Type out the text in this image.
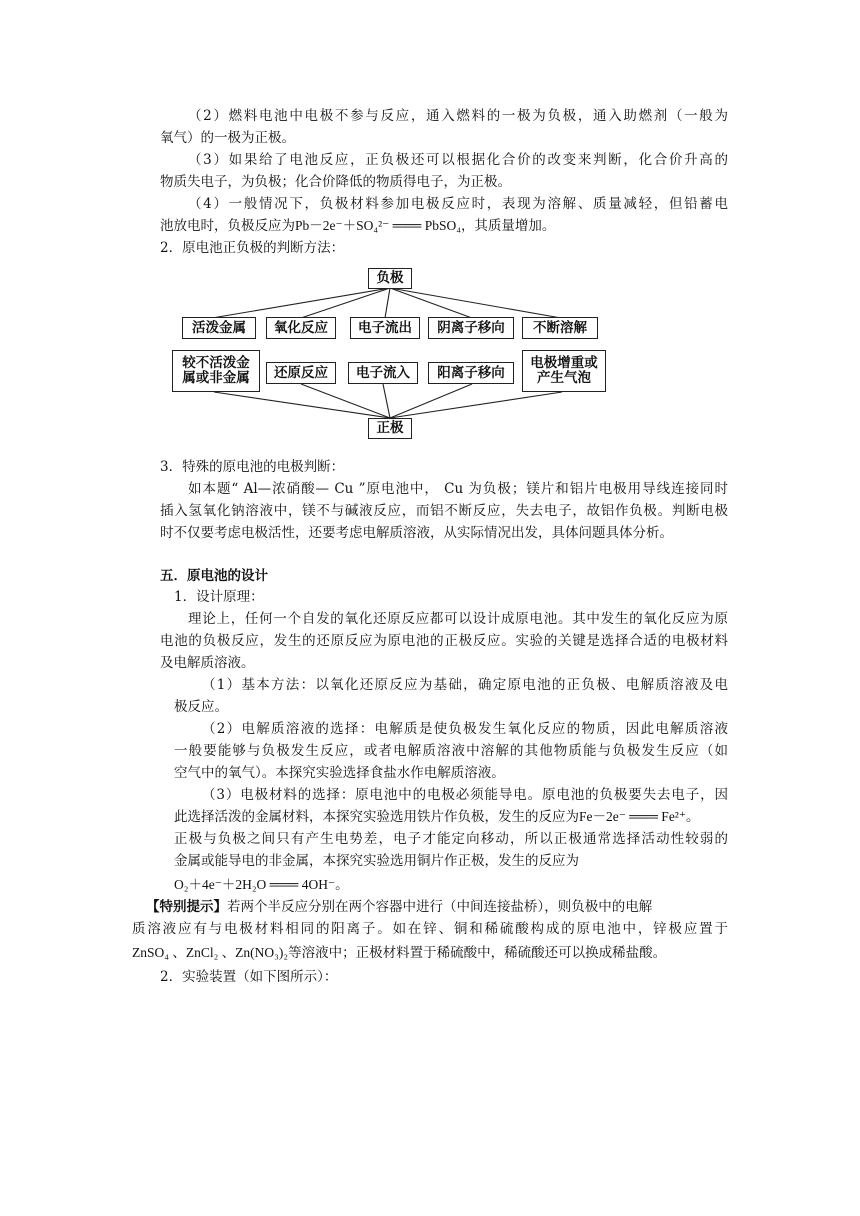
（2）燃料电池中电极不参与反应，通入燃料的一极为负极，通入助燃剂（一般为
氧气）的一极为正极。
（3）如果给了电池反应，正负极还可以根据化合价的改变来判断，化合价升高的
物质失电子，为负极；化合价降低的物质得电子，为正极。
（4）一般情况下，负极材料参加电极反应时，表现为溶解、质量减轻，但铅蓄电
池放电时，负极反应为Pb－2e⁻＋SO₄²⁻ ═══ PbSO₄，其质量增加。
2．原电池正负极的判断方法：
负极
活泼金属	氧化反应	电子流出	阴离子移向	不断溶解
较不活泼金属或非金属	还原反应	电子流入	阳离子移向
电极增重或产生气泡
正极
3．特殊的原电池的电极判断：
如本题“ Al—浓硝酸— Cu ”原电池中， Cu 为负极；镁片和铝片电极用导线连接同时
插入氢氧化钠溶液中，镁不与碱液反应，而铝不断反应，失去电子，故铝作负极。判断电极
时不仅要考虑电极活性，还要考虑电解质溶液，从实际情况出发，具体问题具体分析。
五．原电池的设计
1．设计原理：
理论上，任何一个自发的氧化还原反应都可以设计成原电池。其中发生的氧化反应为原
电池的负极反应，发生的还原反应为原电池的正极反应。实验的关键是选择合适的电极材料
及电解质溶液。
（1）基本方法：以氧化还原反应为基础，确定原电池的正负极、电解质溶液及电
极反应。
（2）电解质溶液的选择：电解质是使负极发生氧化反应的物质，因此电解质溶液
一般要能够与负极发生反应，或者电解质溶液中溶解的其他物质能与负极发生反应（如
空气中的氧气）。本探究实验选择食盐水作电解质溶液。
（3）电极材料的选择：原电池中的电极必须能导电。原电池的负极要失去电子，因
此选择活泼的金属材料，本探究实验选用铁片作负极，发生的反应为Fe－2e⁻ ═══ Fe²⁺。
正极与负极之间只有产生电势差，电子才能定向移动，所以正极通常选择活动性较弱的
金属或能导电的非金属，本探究实验选用铜片作正极，发生的反应为
O₂＋4e⁻＋2H₂O ═══ 4OH⁻。
【特别提示】若两个半反应分别在两个容器中进行（中间连接盐桥），则负极中的电解
质溶液应有与电极材料相同的阳离子。如在锌、铜和稀硫酸构成的原电池中，锌极应置于
ZnSO₄ 、ZnCl₂ 、Zn(NO₃)₂等溶液中；正极材料置于稀硫酸中，稀硫酸还可以换成稀盐酸。
2．实验装置（如下图所示）：
